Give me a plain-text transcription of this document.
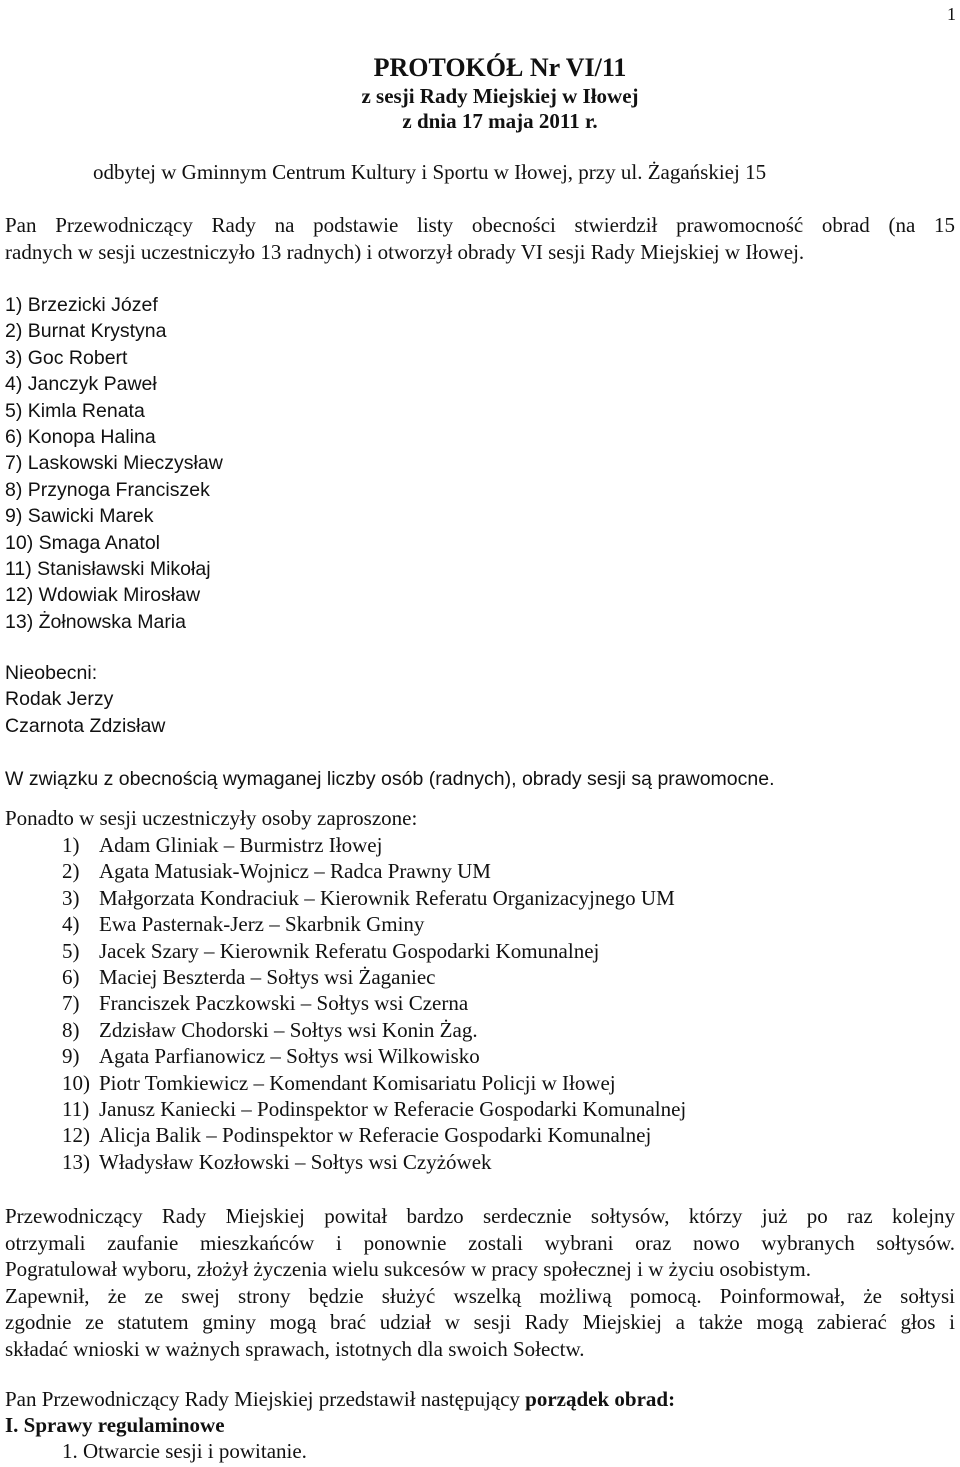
1
PROTOKÓŁ Nr VI/11
z sesji Rady Miejskiej w Iłowej
z dnia 17 maja 2011 r.
odbytej w Gminnym Centrum Kultury i Sportu w Iłowej, przy ul. Żagańskiej 15
Pan Przewodniczący Rady na podstawie listy obecności stwierdził prawomocność obrad (na 15
radnych w sesji uczestniczyło 13 radnych) i otworzył obrady VI sesji Rady Miejskiej w Iłowej.
1) Brzezicki Józef
2) Burnat Krystyna
3) Goc Robert
4) Janczyk Paweł
5) Kimla Renata
6) Konopa Halina
7) Laskowski Mieczysław
8) Przynoga Franciszek
9) Sawicki Marek
10) Smaga Anatol
11) Stanisławski Mikołaj
12) Wdowiak Mirosław
13) Żołnowska Maria
Nieobecni:
Rodak Jerzy
Czarnota Zdzisław
W związku z obecnością wymaganej liczby osób (radnych), obrady sesji są prawomocne.
Ponadto w sesji uczestniczyły osoby zaproszone:
1) Adam Gliniak – Burmistrz Iłowej
2) Agata Matusiak-Wojnicz – Radca Prawny UM
3) Małgorzata Kondraciuk – Kierownik Referatu Organizacyjnego UM
4) Ewa Pasternak-Jerz – Skarbnik Gminy
5) Jacek Szary – Kierownik Referatu Gospodarki Komunalnej
6) Maciej Beszterda – Sołtys wsi Żaganiec
7) Franciszek Paczkowski – Sołtys wsi Czerna
8) Zdzisław Chodorski – Sołtys wsi Konin Żag.
9) Agata Parfianowicz – Sołtys wsi Wilkowisko
10) Piotr Tomkiewicz – Komendant Komisariatu Policji w Iłowej
11) Janusz Kaniecki – Podinspektor w Referacie Gospodarki Komunalnej
12) Alicja Balik – Podinspektor w Referacie Gospodarki Komunalnej
13) Władysław Kozłowski – Sołtys wsi Czyżówek
Przewodniczący Rady Miejskiej powitał bardzo serdecznie sołtysów, którzy już po raz kolejny
otrzymali zaufanie mieszkańców i ponownie zostali wybrani oraz nowo wybranych sołtysów.
Pogratulował wyboru, złożył życzenia wielu sukcesów w pracy społecznej i w życiu osobistym.
Zapewnił, że ze swej strony będzie służyć wszelką możliwą pomocą. Poinformował, że sołtysi
zgodnie ze statutem gminy mogą brać udział w sesji Rady Miejskiej a także mogą zabierać głos i
składać wnioski w ważnych sprawach, istotnych dla swoich Sołectw.
Pan Przewodniczący Rady Miejskiej przedstawił następujący porządek obrad:
I. Sprawy regulaminowe
1. Otwarcie sesji i powitanie.
